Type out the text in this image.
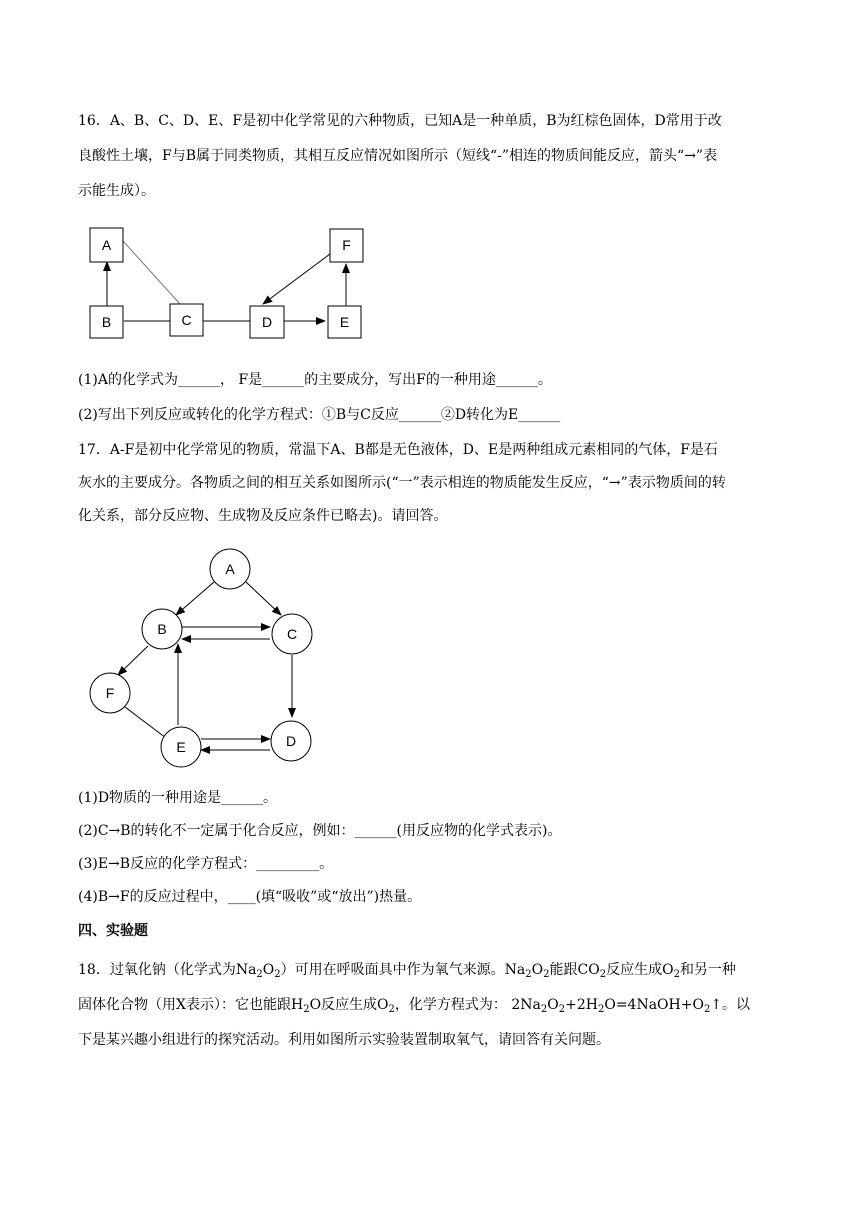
16．A、B、C、D、E、F是初中化学常见的六种物质，已知A是一种单质，B为红棕色固体，D常用于改
良酸性土壤，F与B属于同类物质，其相互反应情况如图所示（短线“-”相连的物质间能反应，箭头“→”表
示能生成）。
A
B	C	D	E
F
(1)A的化学式为______， F是______的主要成分，写出F的一种用途______。
(2)写出下列反应或转化的化学方程式：①B与C反应______②D转化为E______
17．A-F是初中化学常见的物质，常温下A、B都是无色液体，D、E是两种组成元素相同的气体，F是石
灰水的主要成分。各物质之间的相互关系如图所示(“一”表示相连的物质能发生反应，“→”表示物质间的转
化关系，部分反应物、生成物及反应条件已略去)。请回答。
A
B	C
F
E	D
(1)D物质的一种用途是______。
(2)C→B的转化不一定属于化合反应，例如：______(用反应物的化学式表示)。
(3)E→B反应的化学方程式：_________。
(4)B→F的反应过程中，____(填“吸收”或“放出”)热量。
四、实验题
18．过氧化钠（化学式为$Na_2O_2$）可用在呼吸面具中作为氧气来源。$Na_2O_2$能跟$CO_2$反应生成$O_2$和另一种
固体化合物（用X表示）：它也能跟$H_2O$反应生成$O_2$，化学方程式为： $2Na_2O_2+2H_2O=4NaOH+O_2↑$。以
下是某兴趣小组进行的探究活动。利用如图所示实验装置制取氧气，请回答有关问题。
